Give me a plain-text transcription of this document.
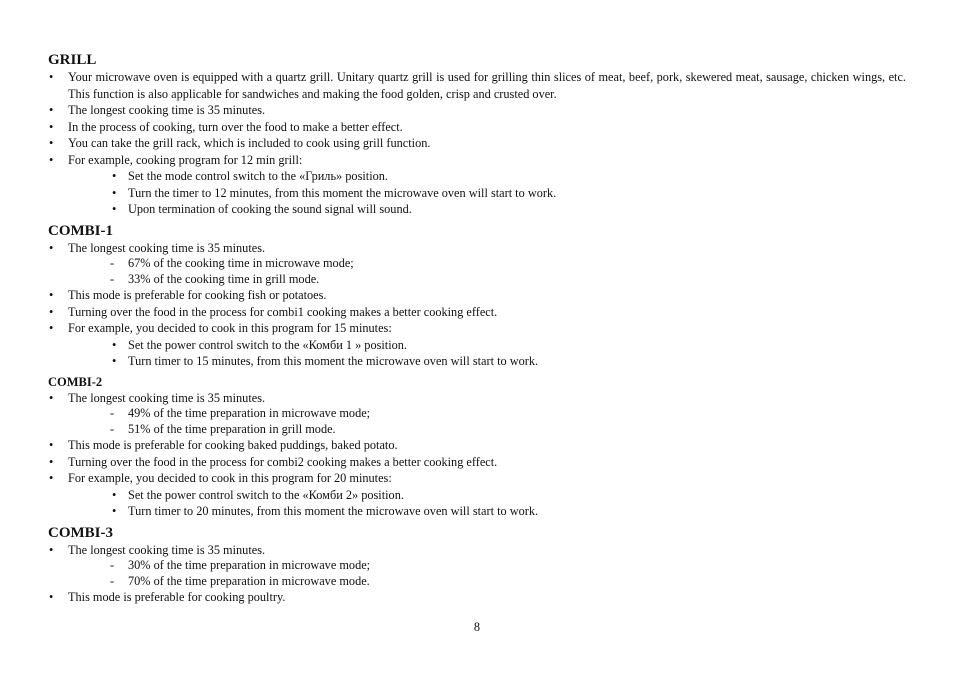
GRILL
• Your microwave oven is equipped with a quartz grill. Unitary quartz grill is used for grilling thin slices of meat, beef, pork, skewered meat, sausage, chicken wings, etc. This function is also applicable for sandwiches and making the food golden, crisp and crusted over.
• The longest cooking time is 35 minutes.
• In the process of cooking, turn over the food to make a better effect.
• You can take the grill rack, which is included to cook using grill function.
• For example, cooking program for 12 min grill:
• Set the mode control switch to the «Гриль» position.
• Turn the timer to 12 minutes, from this moment the microwave oven will start to work.
• Upon termination of cooking the sound signal will sound.
COMBI-1
• The longest cooking time is 35 minutes.
- 67% of the cooking time in microwave mode;
- 33% of the cooking time in grill mode.
• This mode is preferable for cooking fish or potatoes.
• Turning over the food in the process for combi1 cooking makes a better cooking effect.
• For example, you decided to cook in this program for 15 minutes:
• Set the power control switch to the «Комби 1 » position.
• Turn timer to 15 minutes, from this moment the microwave oven will start to work.
COMBI-2
• The longest cooking time is 35 minutes.
- 49% of the time preparation in microwave mode;
- 51% of the time preparation in grill mode.
• This mode is preferable for cooking baked puddings, baked potato.
• Turning over the food in the process for combi2 cooking makes a better cooking effect.
• For example, you decided to cook in this program for 20 minutes:
• Set the power control switch to the «Комби 2» position.
• Turn timer to 20 minutes, from this moment the microwave oven will start to work.
COMBI-3
• The longest cooking time is 35 minutes.
- 30% of the time preparation in microwave mode;
- 70% of the time preparation in microwave mode.
• This mode is preferable for cooking poultry.
8
